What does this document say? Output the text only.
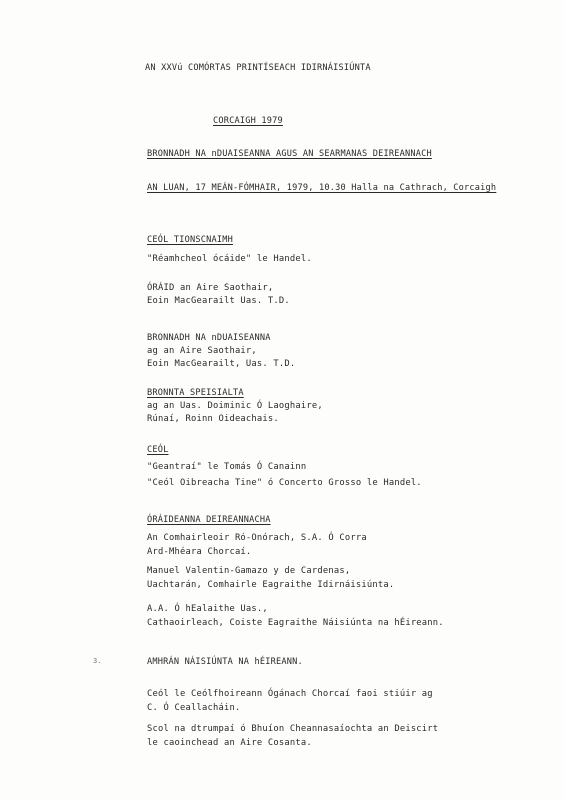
AN XXVú COMÓRTAS PRINTÍSEACH IDIRNÁISIÚNTA
CORCAIGH 1979
BRONNADH NA nDUAISEANNA AGUS AN SEARMANAS DEIREANNACH
AN LUAN, 17 MEÁN-FÓMHAIR, 1979, 10.30 Halla na Cathrach, Corcaigh
CEÓL TIONSCNAIMH
"Réamhcheol ócáide" le Handel.
ÓRÁID an Aire Saothair,
Eoin MacGearailt Uas. T.D.
BRONNADH NA nDUAISEANNA
ag an Aire Saothair,
Eoin MacGearailt, Uas. T.D.
BRONNTA SPEISIALTA
ag an Uas. Doiminic Ó Laoghaire,
Rúnaí, Roinn Oideachais.
CEÓL
"Geantraí" le Tomás Ó Canainn
"Ceól Oibreacha Tine" ó Concerto Grosso le Handel.
ÓRÁIDEANNA DEIREANNACHA
An Comhairleoir Ró-Onórach, S.A. Ó Corra
Ard-Mhéara Chorcaí.
Manuel Valentin-Gamazo y de Cardenas,
Uachtarán, Comhairle Eagraithe Idirnáisiúnta.
A.A. Ó hEalaithe Uas.,
Cathaoirleach, Coiste Eagraithe Náisiúnta na hÉireann.
3.	AMHRÁN NÁISIÚNTA NA hÉIREANN.
Ceól le Ceólfhoireann Ógánach Chorcaí faoi stiúir ag
C. Ó Ceallacháin.
Scol na dtrumpaí ó Bhuíon Cheannasaíochta an Deiscirt
le caoinchead an Aire Cosanta.
